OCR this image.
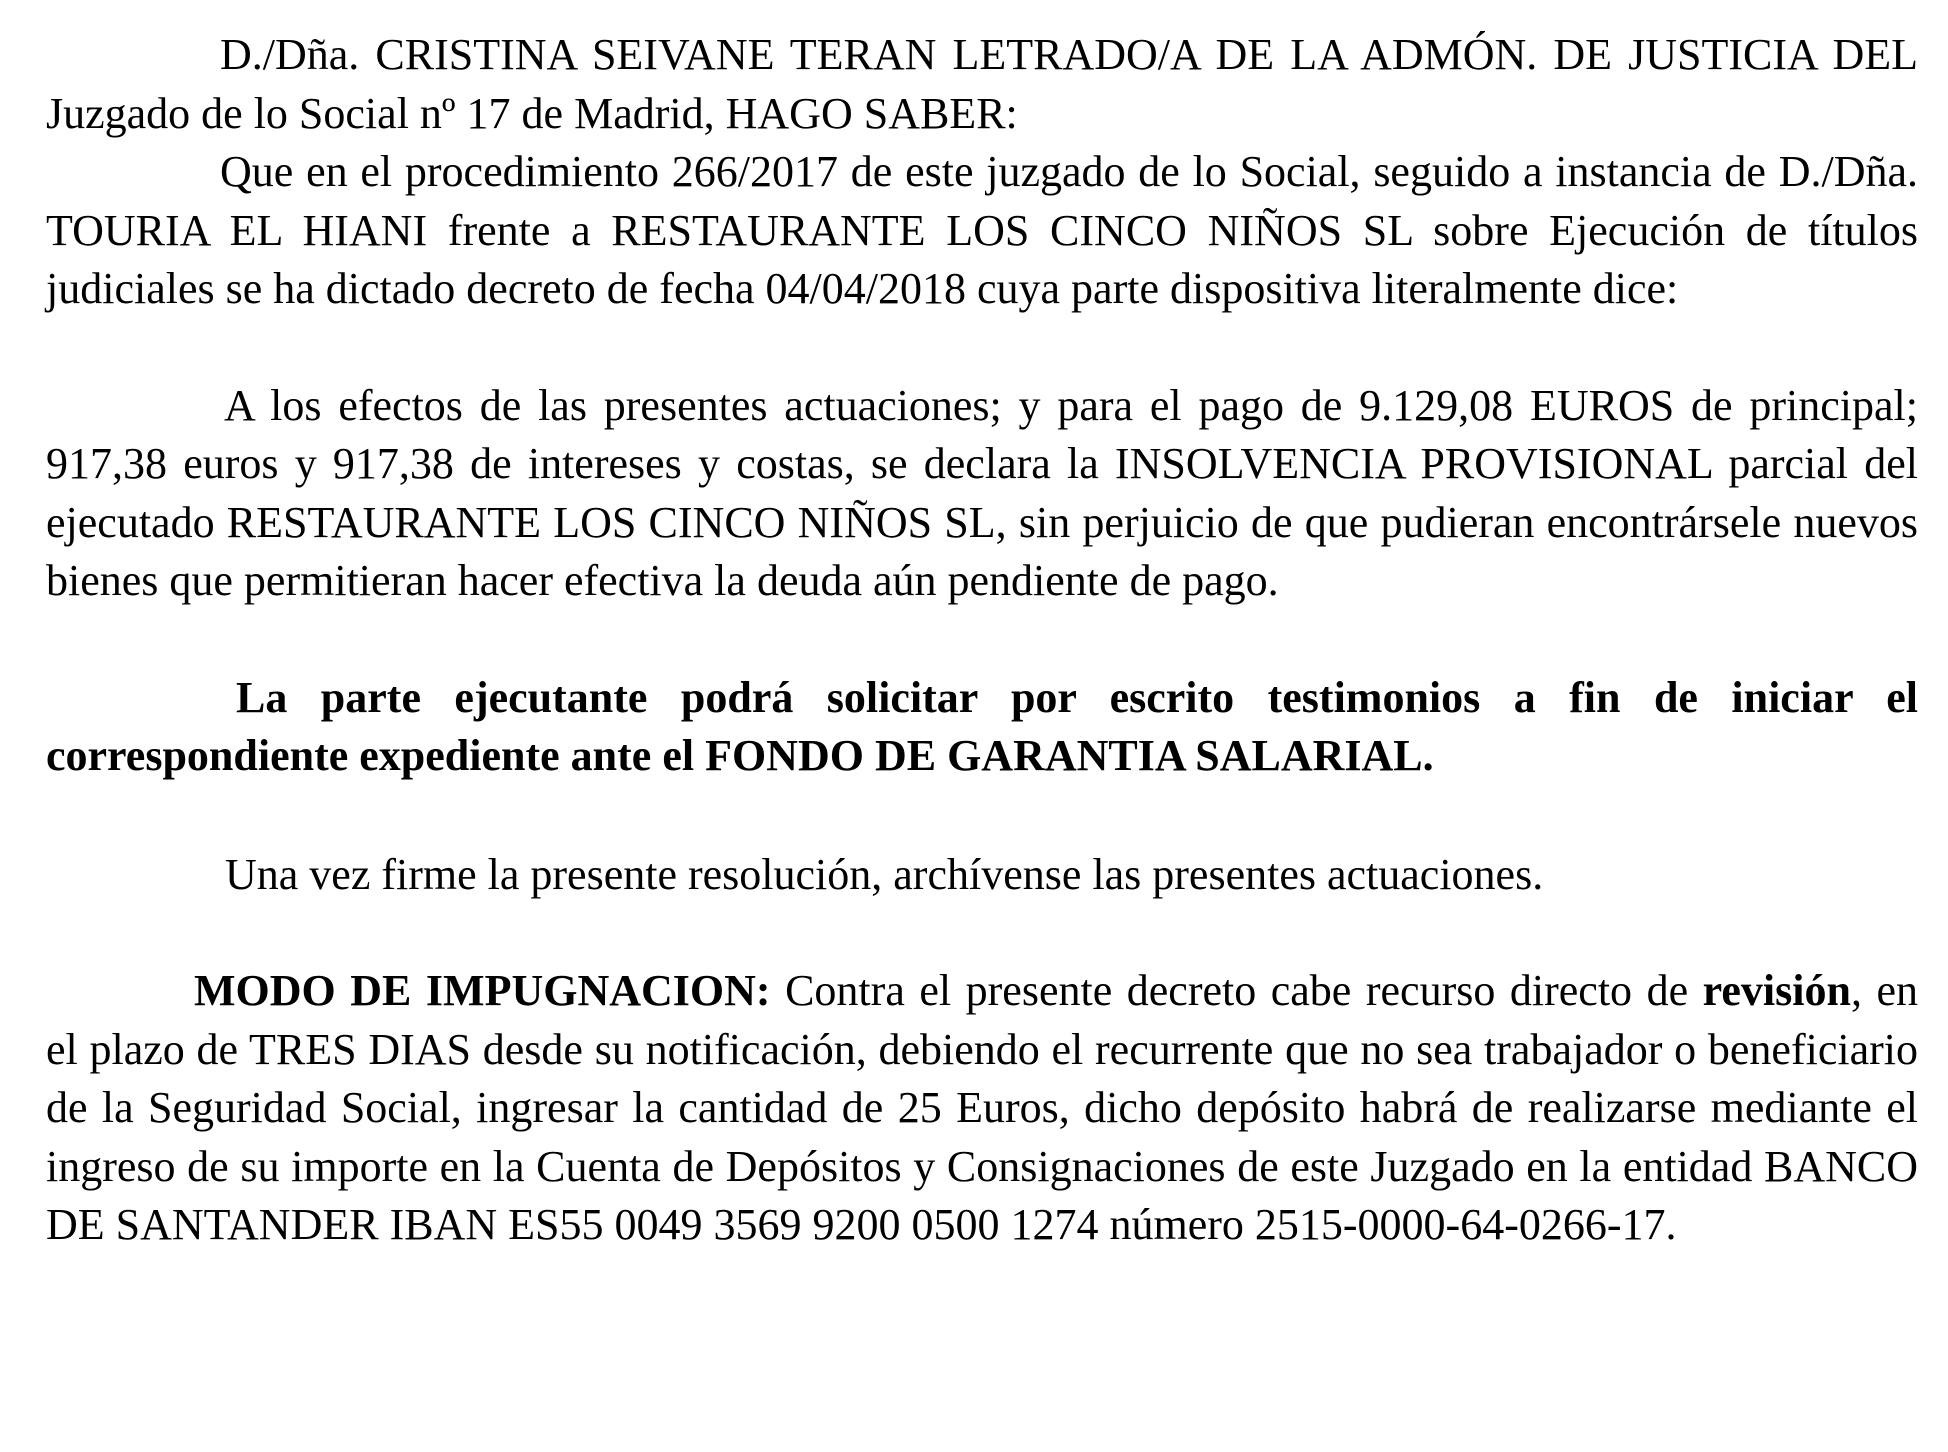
D./Dña. CRISTINA SEIVANE TERAN LETRADO/A DE LA ADMÓN. DE JUSTICIA DEL Juzgado de lo Social nº 17 de Madrid, HAGO SABER:

Que en el procedimiento 266/2017 de este juzgado de lo Social, seguido a instancia de D./Dña. TOURIA EL HIANI frente a RESTAURANTE LOS CINCO NIÑOS SL sobre Ejecución de títulos judiciales se ha dictado decreto de fecha 04/04/2018 cuya parte dispositiva literalmente dice:

A los efectos de las presentes actuaciones; y para el pago de 9.129,08 EUROS de principal; 917,38 euros y 917,38 de intereses y costas, se declara la INSOLVENCIA PROVISIONAL parcial del ejecutado RESTAURANTE LOS CINCO NIÑOS SL, sin perjuicio de que pudieran encontrársele nuevos bienes que permitieran hacer efectiva la deuda aún pendiente de pago.

La parte ejecutante podrá solicitar por escrito testimonios a fin de iniciar el correspondiente expediente ante el FONDO DE GARANTIA SALARIAL.

Una vez firme la presente resolución, archívense las presentes actuaciones.

MODO DE IMPUGNACION: Contra el presente decreto cabe recurso directo de revisión, en el plazo de TRES DIAS desde su notificación, debiendo el recurrente que no sea trabajador o beneficiario de la Seguridad Social, ingresar la cantidad de 25 Euros, dicho depósito habrá de realizarse mediante el ingreso de su importe en la Cuenta de Depósitos y Consignaciones de este Juzgado en la entidad BANCO DE SANTANDER IBAN ES55 0049 3569 9200 0500 1274 número 2515-0000-64-0266-17.
